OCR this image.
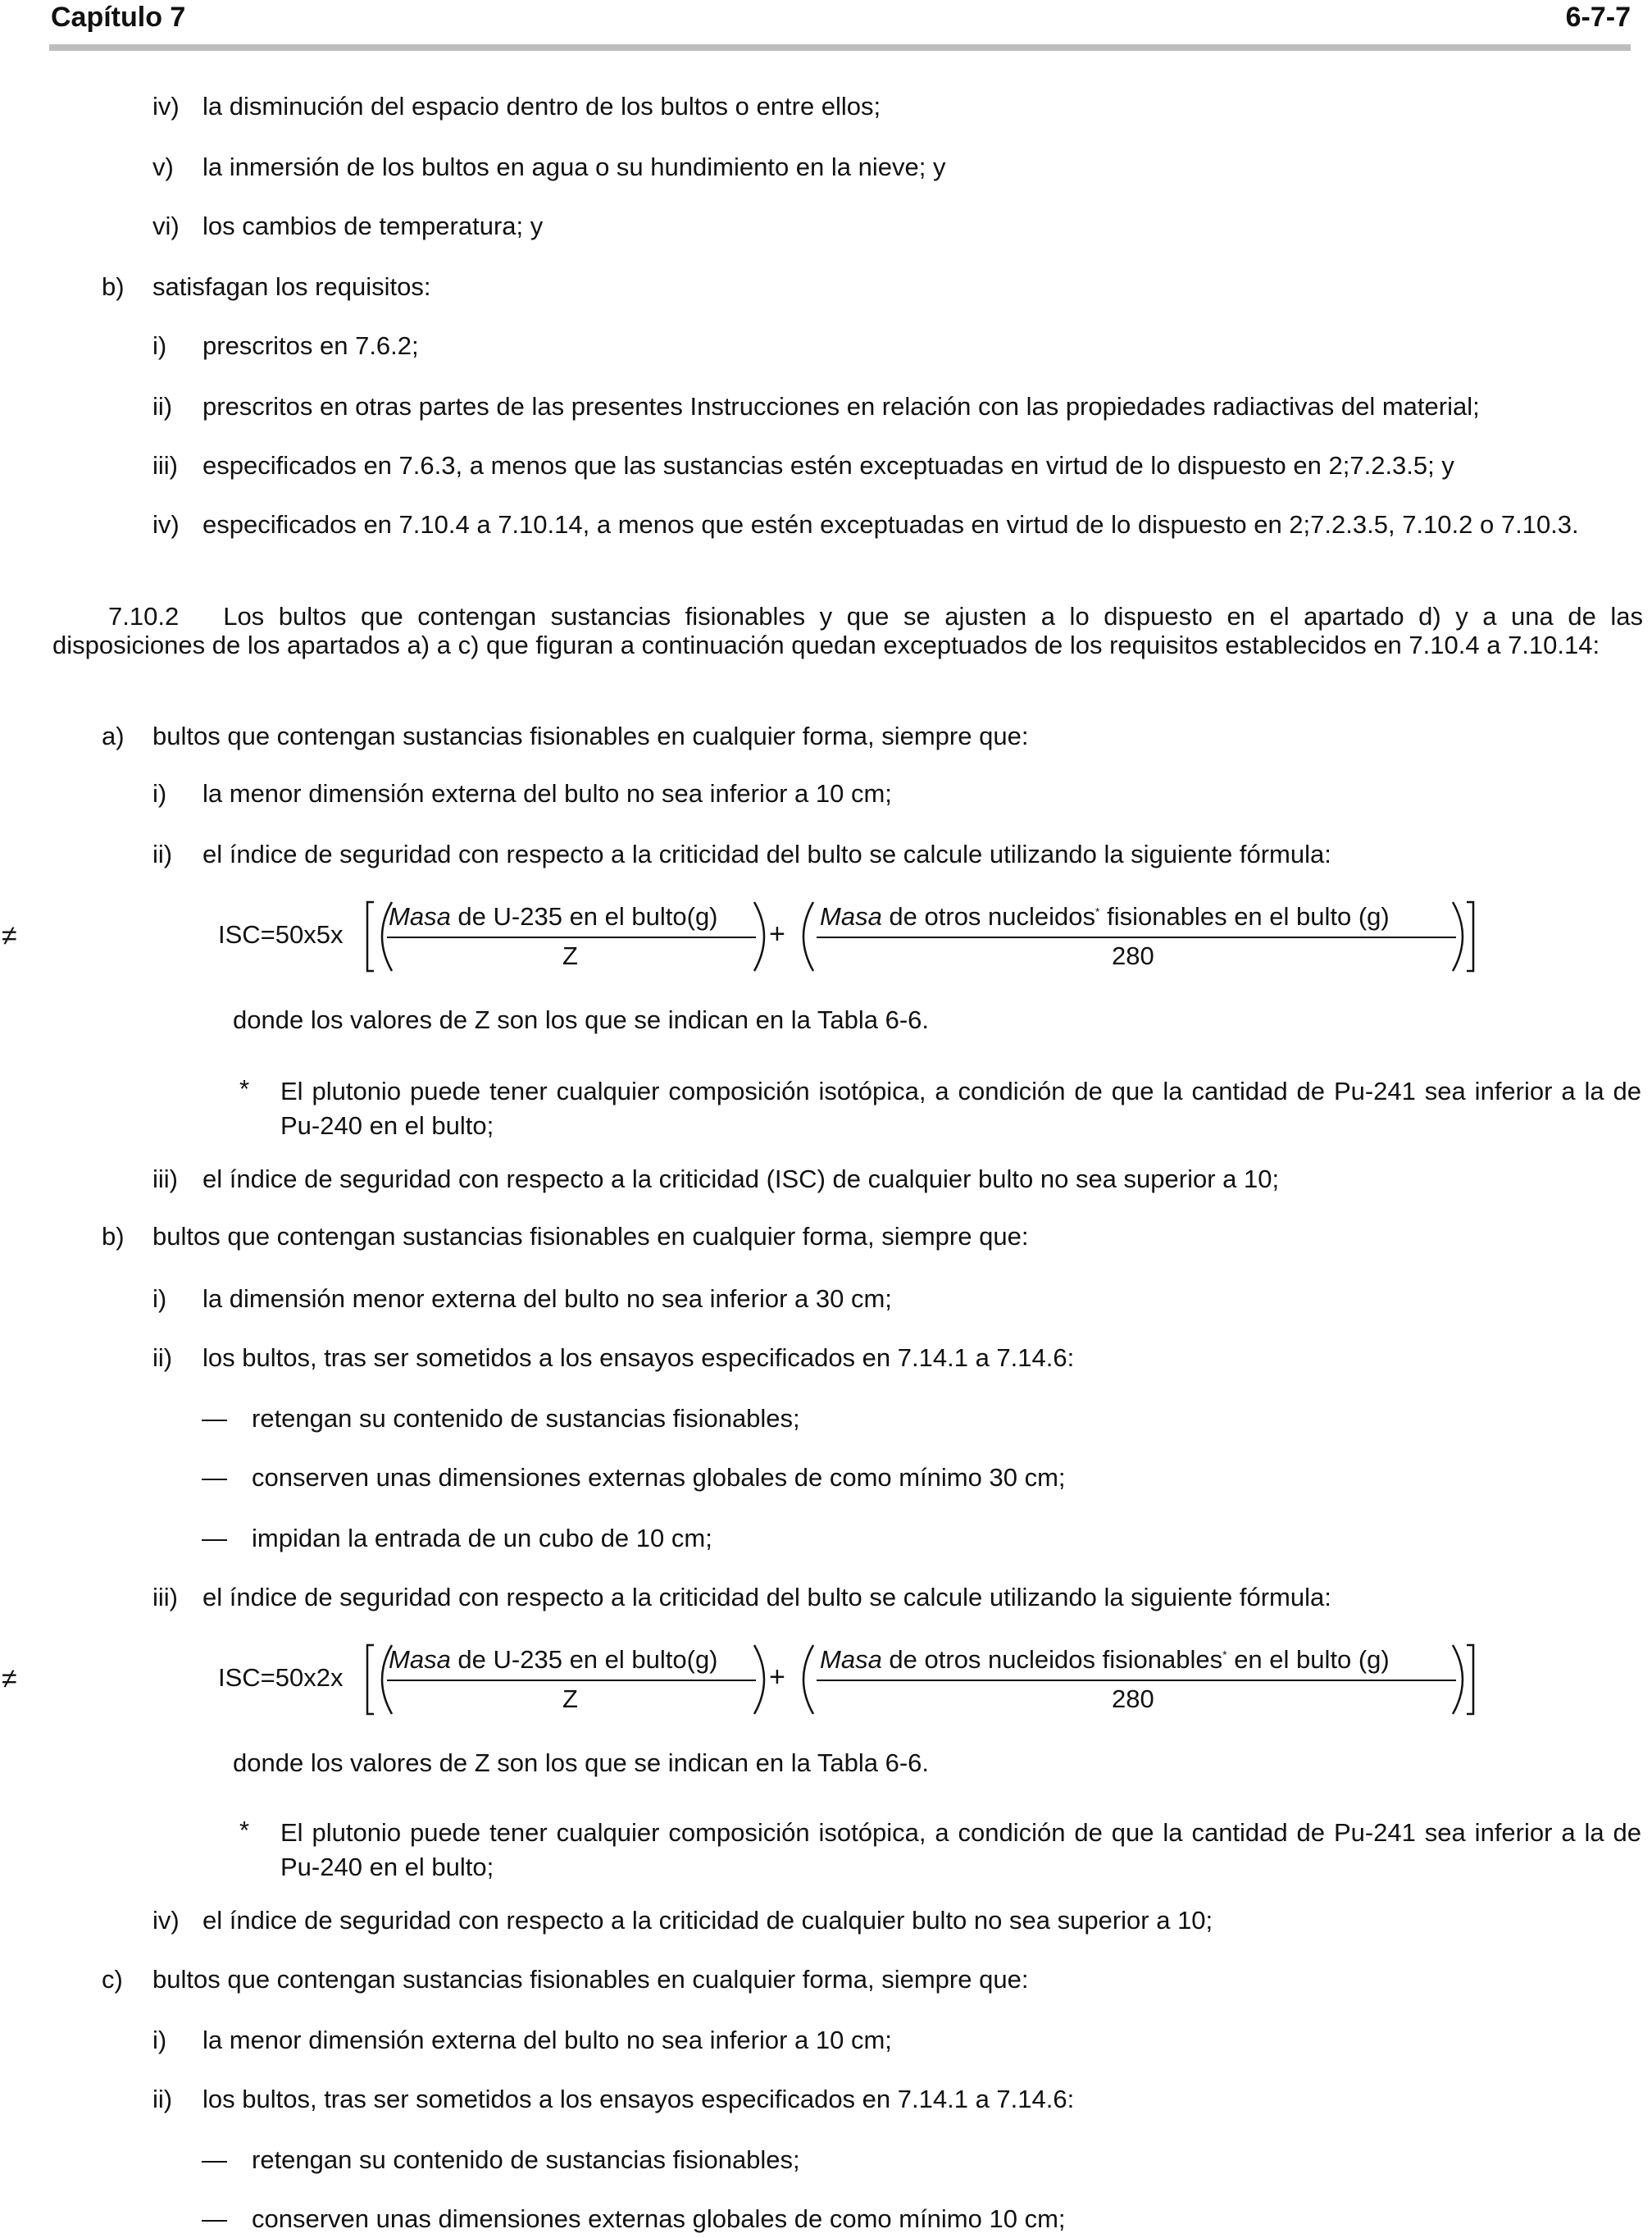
Capítulo 7	6-7-7
iv) la disminución del espacio dentro de los bultos o entre ellos;
v) la inmersión de los bultos en agua o su hundimiento en la nieve; y
vi) los cambios de temperatura; y
b) satisfagan los requisitos:
i) prescritos en 7.6.2;
ii) prescritos en otras partes de las presentes Instrucciones en relación con las propiedades radiactivas del material;
iii) especificados en 7.6.3, a menos que las sustancias estén exceptuadas en virtud de lo dispuesto en 2;7.2.3.5; y
iv) especificados en 7.10.4 a 7.10.14, a menos que estén exceptuadas en virtud de lo dispuesto en 2;7.2.3.5, 7.10.2 o 7.10.3.
7.10.2 Los bultos que contengan sustancias fisionables y que se ajusten a lo dispuesto en el apartado d) y a una de las disposiciones de los apartados a) a c) que figuran a continuación quedan exceptuados de los requisitos establecidos en 7.10.4 a 7.10.14:
a) bultos que contengan sustancias fisionables en cualquier forma, siempre que:
i) la menor dimensión externa del bulto no sea inferior a 10 cm;
ii) el índice de seguridad con respecto a la criticidad del bulto se calcule utilizando la siguiente fórmula:
≠	ISC=50x5x
Masa de U-235 en el bulto(g)
Z
+
Masa de otros nucleidos* fisionables en el bulto (g)
280
donde los valores de Z son los que se indican en la Tabla 6-6.
* El plutonio puede tener cualquier composición isotópica, a condición de que la cantidad de Pu-241 sea inferior a la de Pu-240 en el bulto;
iii) el índice de seguridad con respecto a la criticidad (ISC) de cualquier bulto no sea superior a 10;
b) bultos que contengan sustancias fisionables en cualquier forma, siempre que:
i) la dimensión menor externa del bulto no sea inferior a 30 cm;
ii) los bultos, tras ser sometidos a los ensayos especificados en 7.14.1 a 7.14.6:
— retengan su contenido de sustancias fisionables;
— conserven unas dimensiones externas globales de como mínimo 30 cm;
— impidan la entrada de un cubo de 10 cm;
iii) el índice de seguridad con respecto a la criticidad del bulto se calcule utilizando la siguiente fórmula:
≠	ISC=50x2x
Masa de U-235 en el bulto(g)
Z
+
Masa de otros nucleidos fisionables* en el bulto (g)
280
donde los valores de Z son los que se indican en la Tabla 6-6.
* El plutonio puede tener cualquier composición isotópica, a condición de que la cantidad de Pu-241 sea inferior a la de Pu-240 en el bulto;
iv) el índice de seguridad con respecto a la criticidad de cualquier bulto no sea superior a 10;
c) bultos que contengan sustancias fisionables en cualquier forma, siempre que:
i) la menor dimensión externa del bulto no sea inferior a 10 cm;
ii) los bultos, tras ser sometidos a los ensayos especificados en 7.14.1 a 7.14.6:
— retengan su contenido de sustancias fisionables;
— conserven unas dimensiones externas globales de como mínimo 10 cm;
